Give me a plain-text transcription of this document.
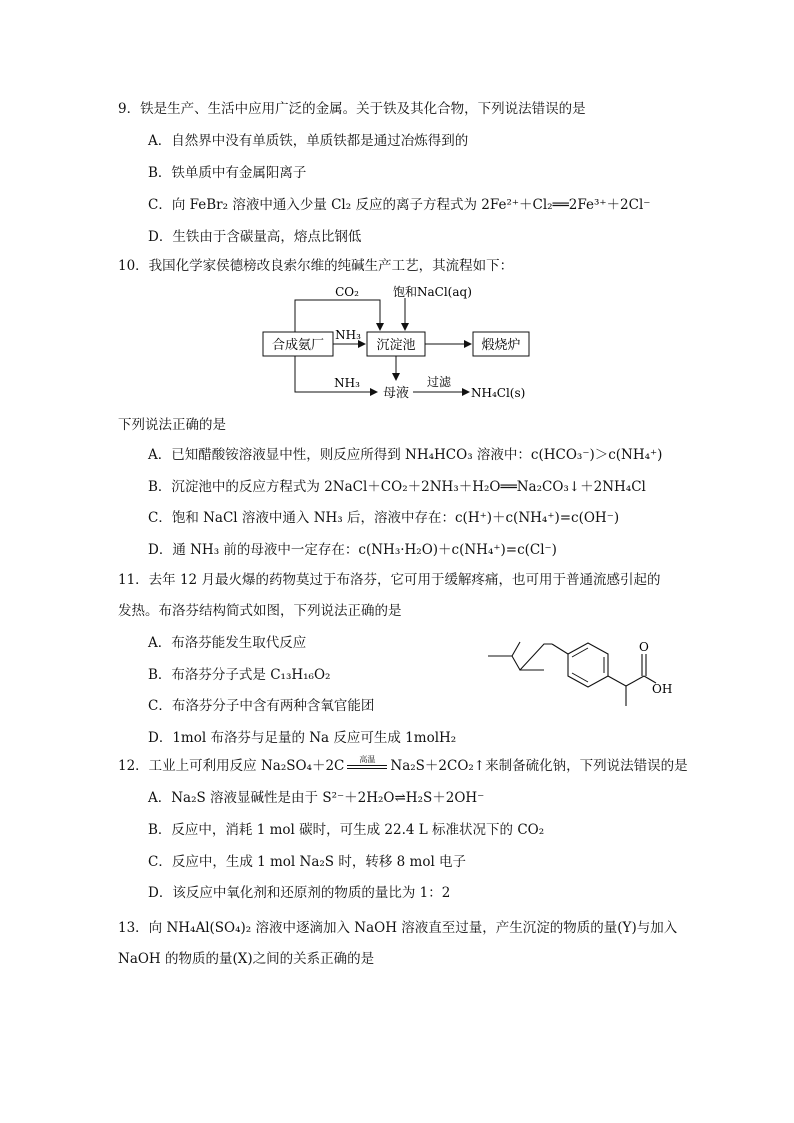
9．铁是生产、生活中应用广泛的金属。关于铁及其化合物，下列说法错误的是
A．自然界中没有单质铁，单质铁都是通过冶炼得到的
B．铁单质中有金属阳离子
C．向 FeBr₂ 溶液中通入少量 Cl₂ 反应的离子方程式为 2Fe²⁺＋Cl₂══2Fe³⁺＋2Cl⁻
D．生铁由于含碳量高，熔点比钢低
10．我国化学家侯德榜改良索尔维的纯碱生产工艺，其流程如下：
合成氨厂	沉淀池	煅烧炉
CO₂	饱和NaCl(aq)
NH₃
NH₃
母液
过滤
NH₄Cl(s)
下列说法正确的是
A．已知醋酸铵溶液显中性，则反应所得到 NH₄HCO₃ 溶液中：c(HCO₃⁻)＞c(NH₄⁺)
B．沉淀池中的反应方程式为 2NaCl＋CO₂＋2NH₃＋H₂O══Na₂CO₃↓＋2NH₄Cl
C．饱和 NaCl 溶液中通入 NH₃ 后，溶液中存在：c(H⁺)＋c(NH₄⁺)=c(OH⁻)
D．通 NH₃ 前的母液中一定存在：c(NH₃·H₂O)＋c(NH₄⁺)=c(Cl⁻)
11．去年 12 月最火爆的药物莫过于布洛芬，它可用于缓解疼痛，也可用于普通流感引起的
发热。布洛芬结构简式如图，下列说法正确的是
A．布洛芬能发生取代反应
B．布洛芬分子式是 C₁₃H₁₆O₂
C．布洛芬分子中含有两种含氧官能团
D．1mol 布洛芬与足量的 Na 反应可生成 1molH₂
O
OH
12．工业上可利用反应 Na₂SO₄＋2C	高温	Na₂S＋2CO₂↑来制备硫化钠，下列说法错误的是
A．Na₂S 溶液显碱性是由于 S²⁻＋2H₂O⇌H₂S＋2OH⁻
B．反应中，消耗 1 mol 碳时，可生成 22.4 L 标准状况下的 CO₂
C．反应中，生成 1 mol Na₂S 时，转移 8 mol 电子
D．该反应中氧化剂和还原剂的物质的量比为 1：2
13．向 NH₄Al(SO₄)₂ 溶液中逐滴加入 NaOH 溶液直至过量，产生沉淀的物质的量(Y)与加入
NaOH 的物质的量(X)之间的关系正确的是
